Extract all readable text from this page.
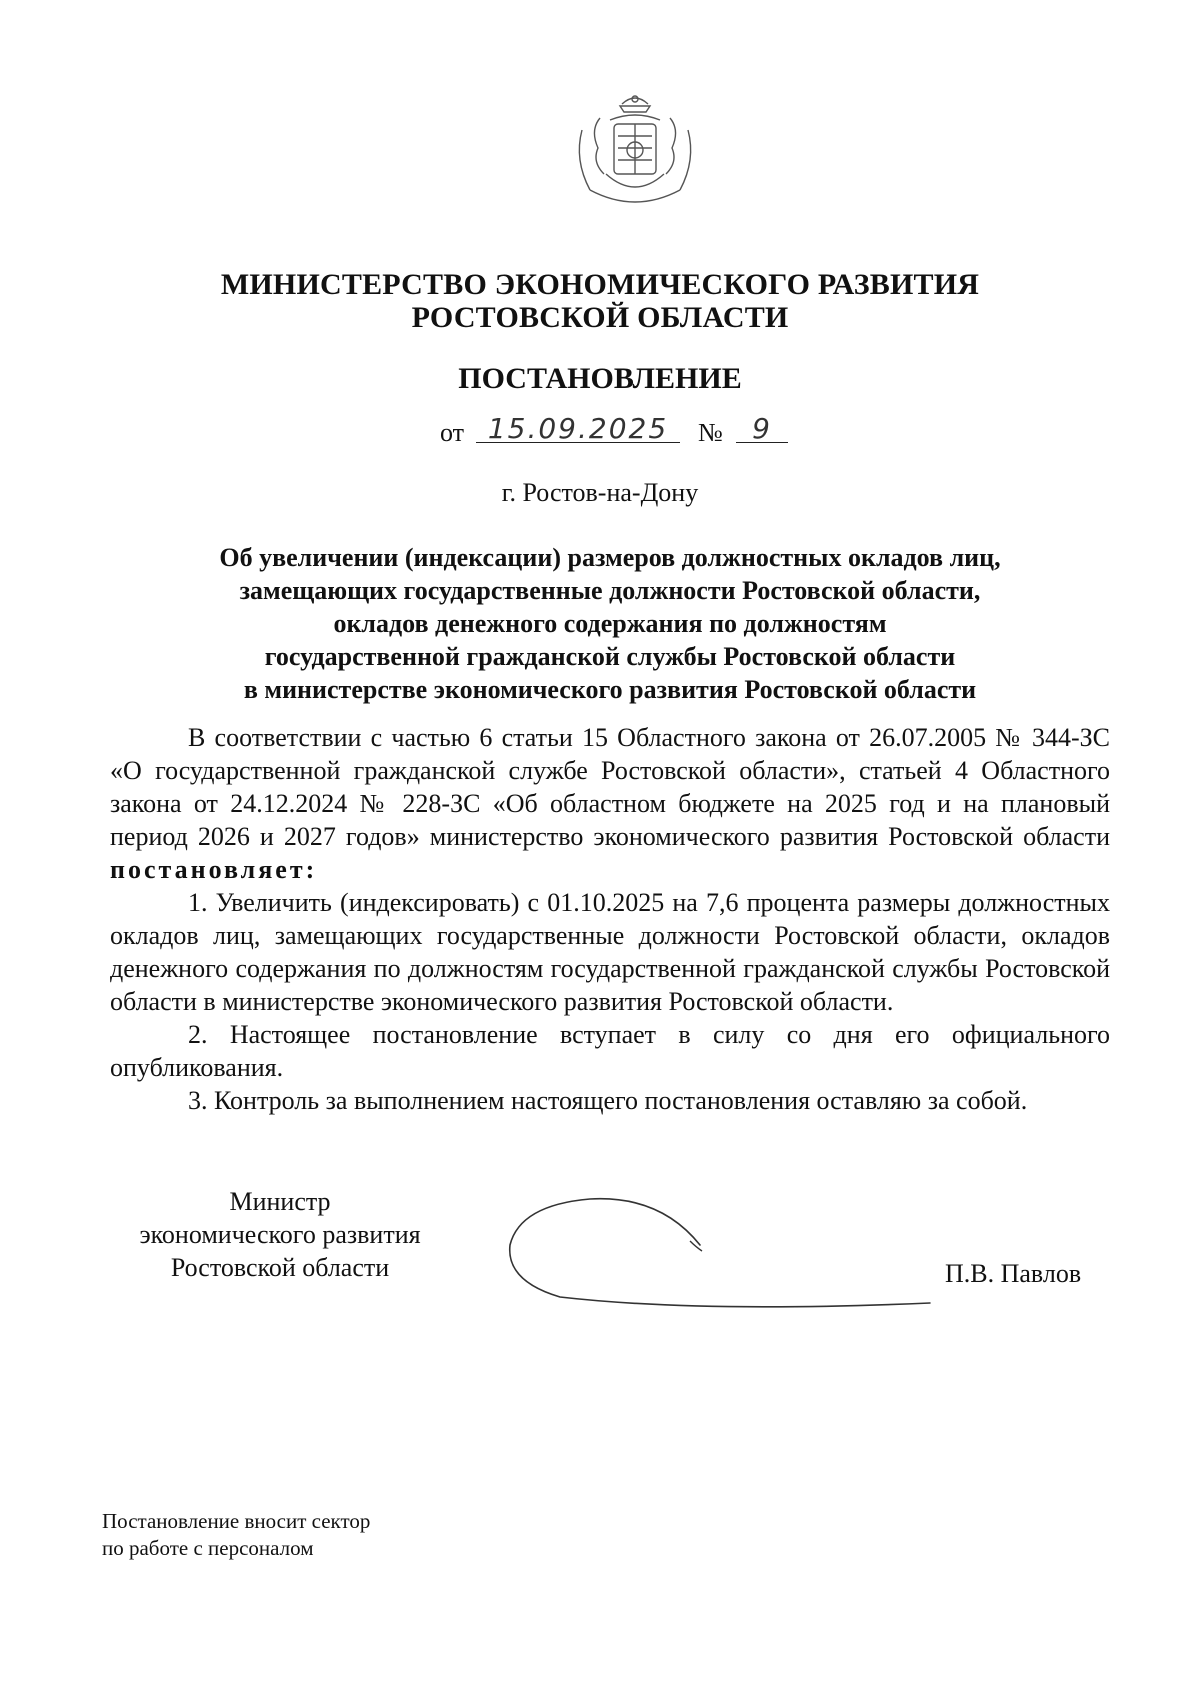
МИНИСТЕРСТВО ЭКОНОМИЧЕСКОГО РАЗВИТИЯ
РОСТОВСКОЙ ОБЛАСТИ
ПОСТАНОВЛЕНИЕ
от 15.09.2025	№	9
г. Ростов-на-Дону
Об увеличении (индексации) размеров должностных окладов лиц,
замещающих государственные должности Ростовской области,
окладов денежного содержания по должностям
государственной гражданской службы Ростовской области
в министерстве экономического развития Ростовской области

В соответствии с частью 6 статьи 15 Областного закона от 26.07.2005 № 344-ЗС «О государственной гражданской службе Ростовской области», статьей 4 Областного закона от 24.12.2024 № 228-ЗС «Об областном бюджете на 2025 год и на плановый период 2026 и 2027 годов» министерство экономического развития Ростовской области постановляет:

1. Увеличить (индексировать) с 01.10.2025 на 7,6 процента размеры должностных окладов лиц, замещающих государственные должности Ростовской области, окладов денежного содержания по должностям государственной гражданской службы Ростовской области в министерстве экономического развития Ростовской области.

2. Настоящее постановление вступает в силу со дня его официального опубликования.

3. Контроль за выполнением настоящего постановления оставляю за собой.

Министр
экономического развития
Ростовской области	П.В. Павлов
Постановление вносит сектор
по работе с персоналом
